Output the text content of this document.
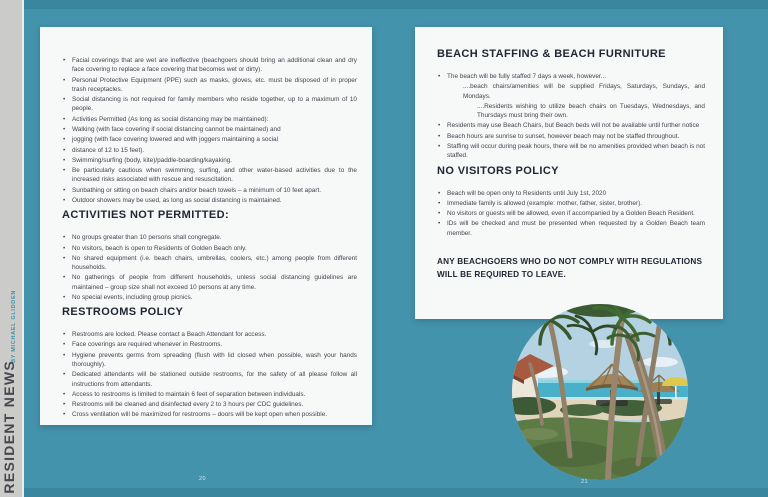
RESIDENT NEWS
BY MICHAEL GLIDDEN
• Facial coverings that are wet are ineffective (beachgoers should bring an additional clean and dry face covering to replace a face covering that becomes wet or dirty).
• Personal Protective Equipment (PPE) such as masks, gloves, etc. must be disposed of in proper trash receptacles.
• Social distancing is not required for family members who reside together, up to a maximum of 10 people.
• Activities Permitted (As long as social distancing may be maintained):
• Walking (with face covering if social distancing cannot be maintained) and
• jogging (with face covering lowered and with joggers maintaining a social
• distance of 12 to 15 feet).
• Swimming/surfing (body, kite)/paddle-boarding/kayaking.
• Be particularly cautious when swimming, surfing, and other water-based activities due to the increased risks associated with rescue and resuscitation.
• Sunbathing or sitting on beach chairs and/or beach towels – a minimum of 10 feet apart.
• Outdoor showers may be used, as long as social distancing is maintained.
ACTIVITIES NOT PERMITTED:
• No groups greater than 10 persons shall congregate.
• No visitors, beach is open to Residents of Golden Beach only.
• No shared equipment (i.e. beach chairs, umbrellas, coolers, etc.) among people from different households.
• No gatherings of people from different households, unless social distancing guidelines are maintained – group size shall not exceed 10 persons at any time.
• No special events, including group picnics.
RESTROOMS POLICY
• Restrooms are locked. Please contact a Beach Attendant for access.
• Face coverings are required whenever in Restrooms.
• Hygiene prevents germs from spreading (flush with lid closed when possible, wash your hands thoroughly).
• Dedicated attendants will be stationed outside restrooms, for the safety of all please follow all instructions from attendants.
• Access to restrooms is limited to maintain 6 feet of separation between individuals.
• Restrooms will be cleaned and disinfected every 2 to 3 hours per CDC guidelines.
• Cross ventilation will be maximized for restrooms – doors will be kept open when possible.
BEACH STAFFING & BEACH FURNITURE
• The beach will be fully staffed 7 days a week, however...
....beach chairs/amenities will be supplied Fridays, Saturdays, Sundays, and Mondays.
....Residents wishing to utilize beach chairs on Tuesdays, Wednesdays, and Thursdays must bring their own.
• Residents may use Beach Chairs, but Beach beds will not be available until further notice
• Beach hours are sunrise to sunset, however beach may not be staffed throughout.
• Staffing will occur during peak hours, there will be no amenities provided when beach is not staffed.
NO VISITORS POLICY
• Beach will be open only to Residents until July 1st, 2020
• Immediate family is allowed (example: mother, father, sister, brother).
• No visitors or guests will be allowed, even if accompanied by a Golden Beach Resident.
• IDs will be checked and must be presented when requested by a Golden Beach team member.
ANY BEACHGOERS WHO DO NOT COMPLY WITH REGULATIONS WILL BE REQUIRED TO LEAVE.
20	21
